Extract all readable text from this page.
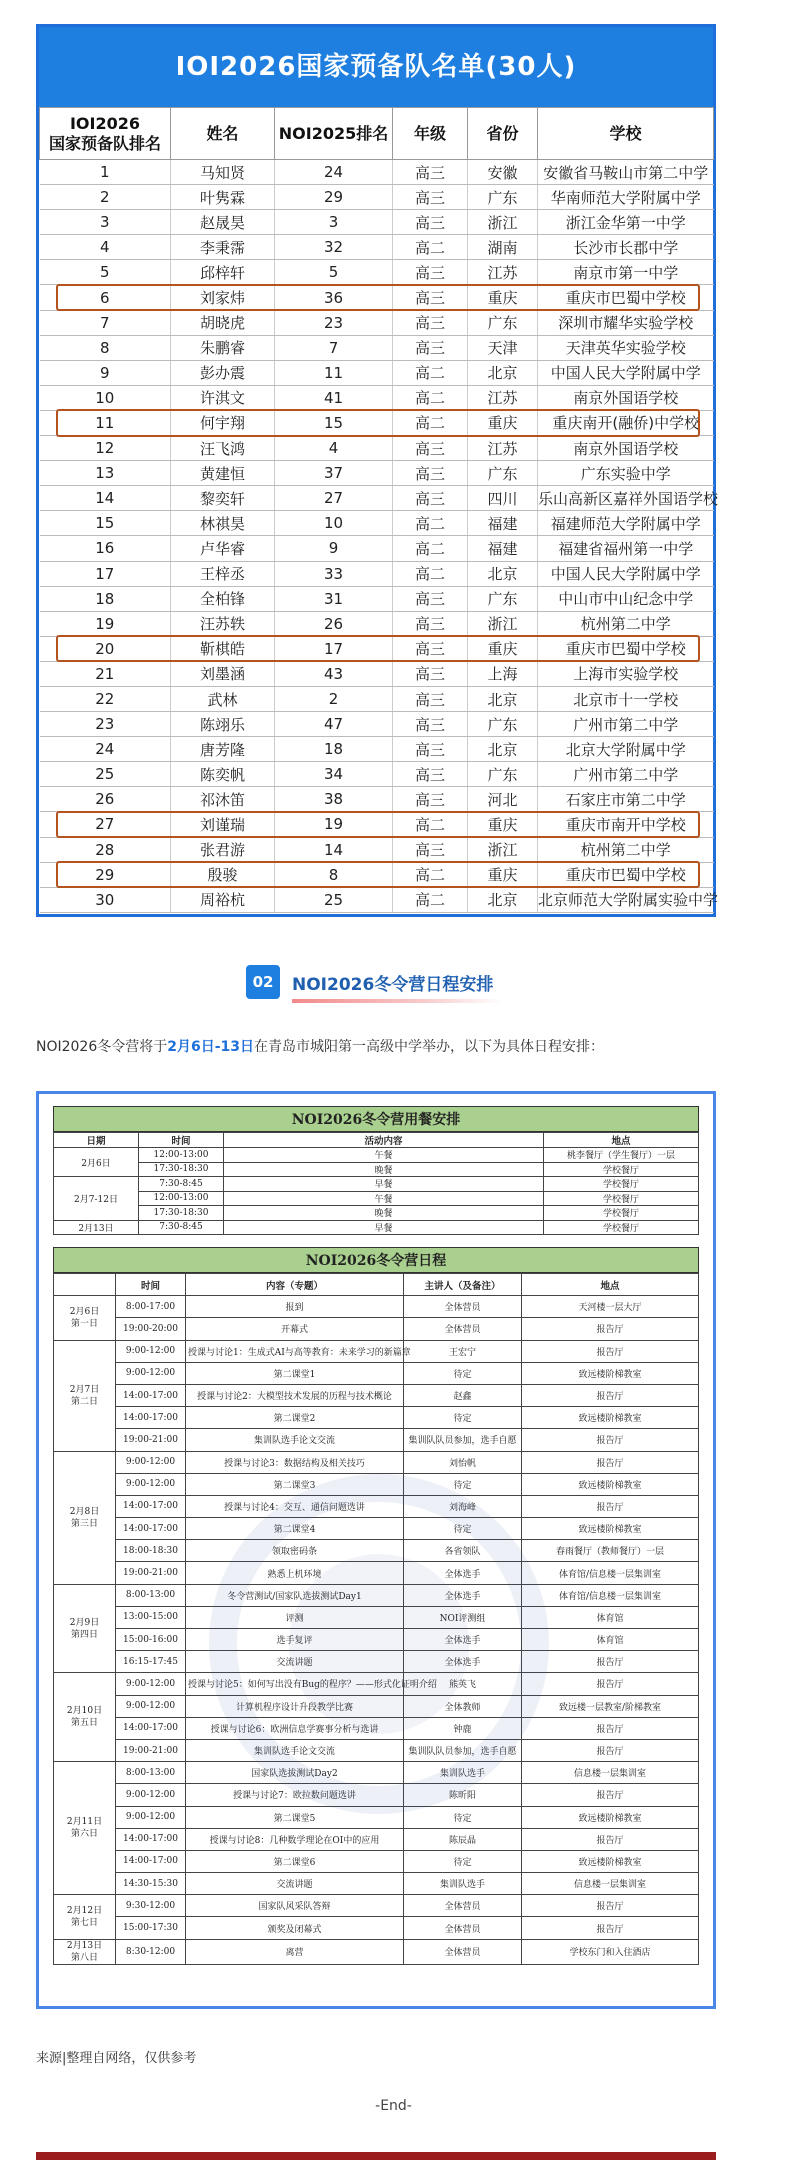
IOI2026国家预备队名单(30人)
IOI2026
国家预备队排名	姓名	NOI2025排名	年级	省份	学校
1	马知贤	24	高三	安徽	安徽省马鞍山市第二中学
2	叶隽霖	29	高三	广东	华南师范大学附属中学
3	赵晟昊	3	高三	浙江	浙江金华第一中学
4	李秉霈	32	高二	湖南	长沙市长郡中学
5	邱梓轩	5	高三	江苏	南京市第一中学
6	刘家炜	36	高三	重庆	重庆市巴蜀中学校
7	胡晓虎	23	高三	广东	深圳市耀华实验学校
8	朱鹏睿	7	高三	天津	天津英华实验学校
9	彭办震	11	高二	北京	中国人民大学附属中学
10	许淇文	41	高二	江苏	南京外国语学校
11	何宇翔	15	高二	重庆	重庆南开(融侨)中学校
12	汪飞鸿	4	高三	江苏	南京外国语学校
13	黄建恒	37	高三	广东	广东实验中学
14	黎奕轩	27	高三	四川	乐山高新区嘉祥外国语学校
15	林祺昊	10	高二	福建	福建师范大学附属中学
16	卢华睿	9	高二	福建	福建省福州第一中学
17	王梓丞	33	高二	北京	中国人民大学附属中学
18	全柏锋	31	高三	广东	中山市中山纪念中学
19	汪苏轶	26	高三	浙江	杭州第二中学
20	靳棋皓	17	高三	重庆	重庆市巴蜀中学校
21	刘墨涵	43	高三	上海	上海市实验学校
22	武林	2	高三	北京	北京市十一学校
23	陈翊乐	47	高三	广东	广州市第二中学
24	唐芳隆	18	高三	北京	北京大学附属中学
25	陈奕帆	34	高三	广东	广州市第二中学
26	祁沐笛	38	高三	河北	石家庄市第二中学
27	刘谨瑞	19	高二	重庆	重庆市南开中学校
28	张君游	14	高三	浙江	杭州第二中学
29	殷骏	8	高二	重庆	重庆市巴蜀中学校
30	周裕杭	25	高二	北京	北京师范大学附属实验中学
02	NOI2026冬令营日程安排
NOI2026冬令营将于2月6日-13日在青岛市城阳第一高级中学举办，以下为具体日程安排：
NOI2026冬令营用餐安排
日期	时间	活动内容	地点
2月6日	12:00-13:00	午餐	桃李餐厅（学生餐厅）一层
	17:30-18:30	晚餐	学校餐厅
2月7-12日	7:30-8:45	早餐	学校餐厅
	12:00-13:00	午餐	学校餐厅
	17:30-18:30	晚餐	学校餐厅
2月13日	7:30-8:45	早餐	学校餐厅
NOI2026冬令营日程
	时间	内容（专题）	主讲人（及备注）	地点
2月6日
第一日	8:00-17:00	报到	全体营员	天河楼一层大厅
	19:00-20:00	开幕式	全体营员	报告厅
2月7日
第二日	9:00-12:00	授课与讨论1：生成式AI与高等教育：未来学习的新篇章	王宏宁	报告厅
	9:00-12:00	第二课堂1	待定	致远楼阶梯教室
	14:00-17:00	授课与讨论2：大模型技术发展的历程与技术概论	赵鑫	报告厅
	14:00-17:00	第二课堂2	待定	致远楼阶梯教室
	19:00-21:00	集训队选手论文交流	集训队队员参加，选手自愿	报告厅
2月8日
第三日	9:00-12:00	授课与讨论3：数据结构及相关技巧	刘怡帆	报告厅
	9:00-12:00	第二课堂3	待定	致远楼阶梯教室
	14:00-17:00	授课与讨论4：交互、通信问题选讲	刘海峰	报告厅
	14:00-17:00	第二课堂4	待定	致远楼阶梯教室
	18:00-18:30	领取密码条	各省领队	春雨餐厅（教师餐厅）一层
	19:00-21:00	熟悉上机环境	全体选手	体育馆/信息楼一层集训室
2月9日
第四日	8:00-13:00	冬令营测试/国家队选拔测试Day1	全体选手	体育馆/信息楼一层集训室
	13:00-15:00	评测	NOI评测组	体育馆
	15:00-16:00	选手复评	全体选手	体育馆
	16:15-17:45	交流讲题	全体选手	报告厅
2月10日
第五日	9:00-12:00	授课与讨论5：如何写出没有Bug的程序？——形式化证明介绍	熊英飞	报告厅
	9:00-12:00	计算机程序设计升段教学比赛	全体教师	致远楼一层教室/阶梯教室
	14:00-17:00	授课与讨论6：欧洲信息学赛事分析与选讲	钟鹿	报告厅
	19:00-21:00	集训队选手论文交流	集训队队员参加，选手自愿	报告厅
2月11日
第六日	8:00-13:00	国家队选拔测试Day2	集训队选手	信息楼一层集训室
	9:00-12:00	授课与讨论7：欧拉数问题选讲	陈昕阳	报告厅
	9:00-12:00	第二课堂5	待定	致远楼阶梯教室
	14:00-17:00	授课与讨论8：几种数学理论在OI中的应用	陈辰晶	报告厅
	14:00-17:00	第二课堂6	待定	致远楼阶梯教室
	14:30-15:30	交流讲题	集训队选手	信息楼一层集训室
2月12日
第七日	9:30-12:00	国家队风采队答辩	全体营员	报告厅
	15:00-17:30	颁奖及闭幕式	全体营员	报告厅
2月13日
第八日	8:30-12:00	离营	全体营员	学校东门和入住酒店
来源|整理自网络，仅供参考
-End-
